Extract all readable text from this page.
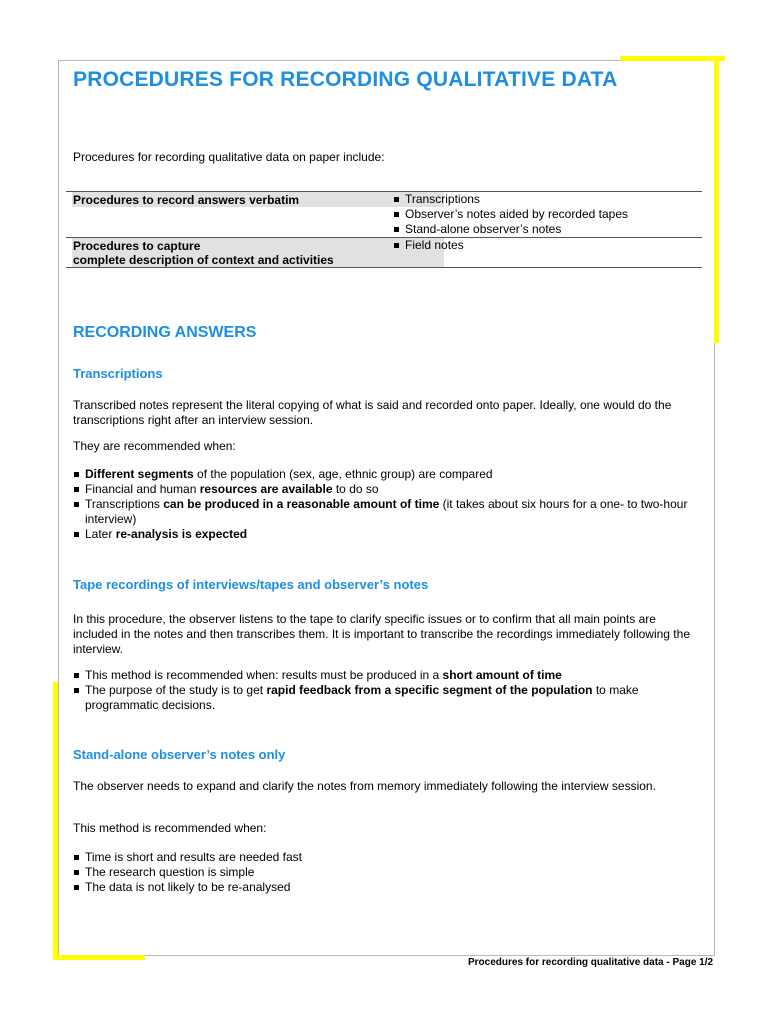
PROCEDURES FOR RECORDING QUALITATIVE DATA

Procedures for recording qualitative data on paper include:

Procedures to record answers verbatim	Transcriptions
Observer’s notes aided by recorded tapes
Stand-alone observer’s notes
Procedures to capture
complete description of context and activities
Field notes
RECORDING ANSWERS
Transcriptions

Transcribed notes represent the literal copying of what is said and recorded onto paper. Ideally, one would do the transcriptions right after an interview session.

They are recommended when:

Different segments of the population (sex, age, ethnic group) are compared
Financial and human resources are available to do so
Transcriptions can be produced in a reasonable amount of time (it takes about six hours for a one- to two-hour interview)
Later re-analysis is expected
Tape recordings of interviews/tapes and observer’s notes

In this procedure, the observer listens to the tape to clarify specific issues or to confirm that all main points are included in the notes and then transcribes them. It is important to transcribe the recordings immediately following the interview.

This method is recommended when: results must be produced in a short amount of time
The purpose of the study is to get rapid feedback from a specific segment of the population to make programmatic decisions.
Stand-alone observer’s notes only

The observer needs to expand and clarify the notes from memory immediately following the interview session.

This method is recommended when:

Time is short and results are needed fast
The research question is simple
The data is not likely to be re-analysed

Procedures for recording qualitative data - Page 1/2
